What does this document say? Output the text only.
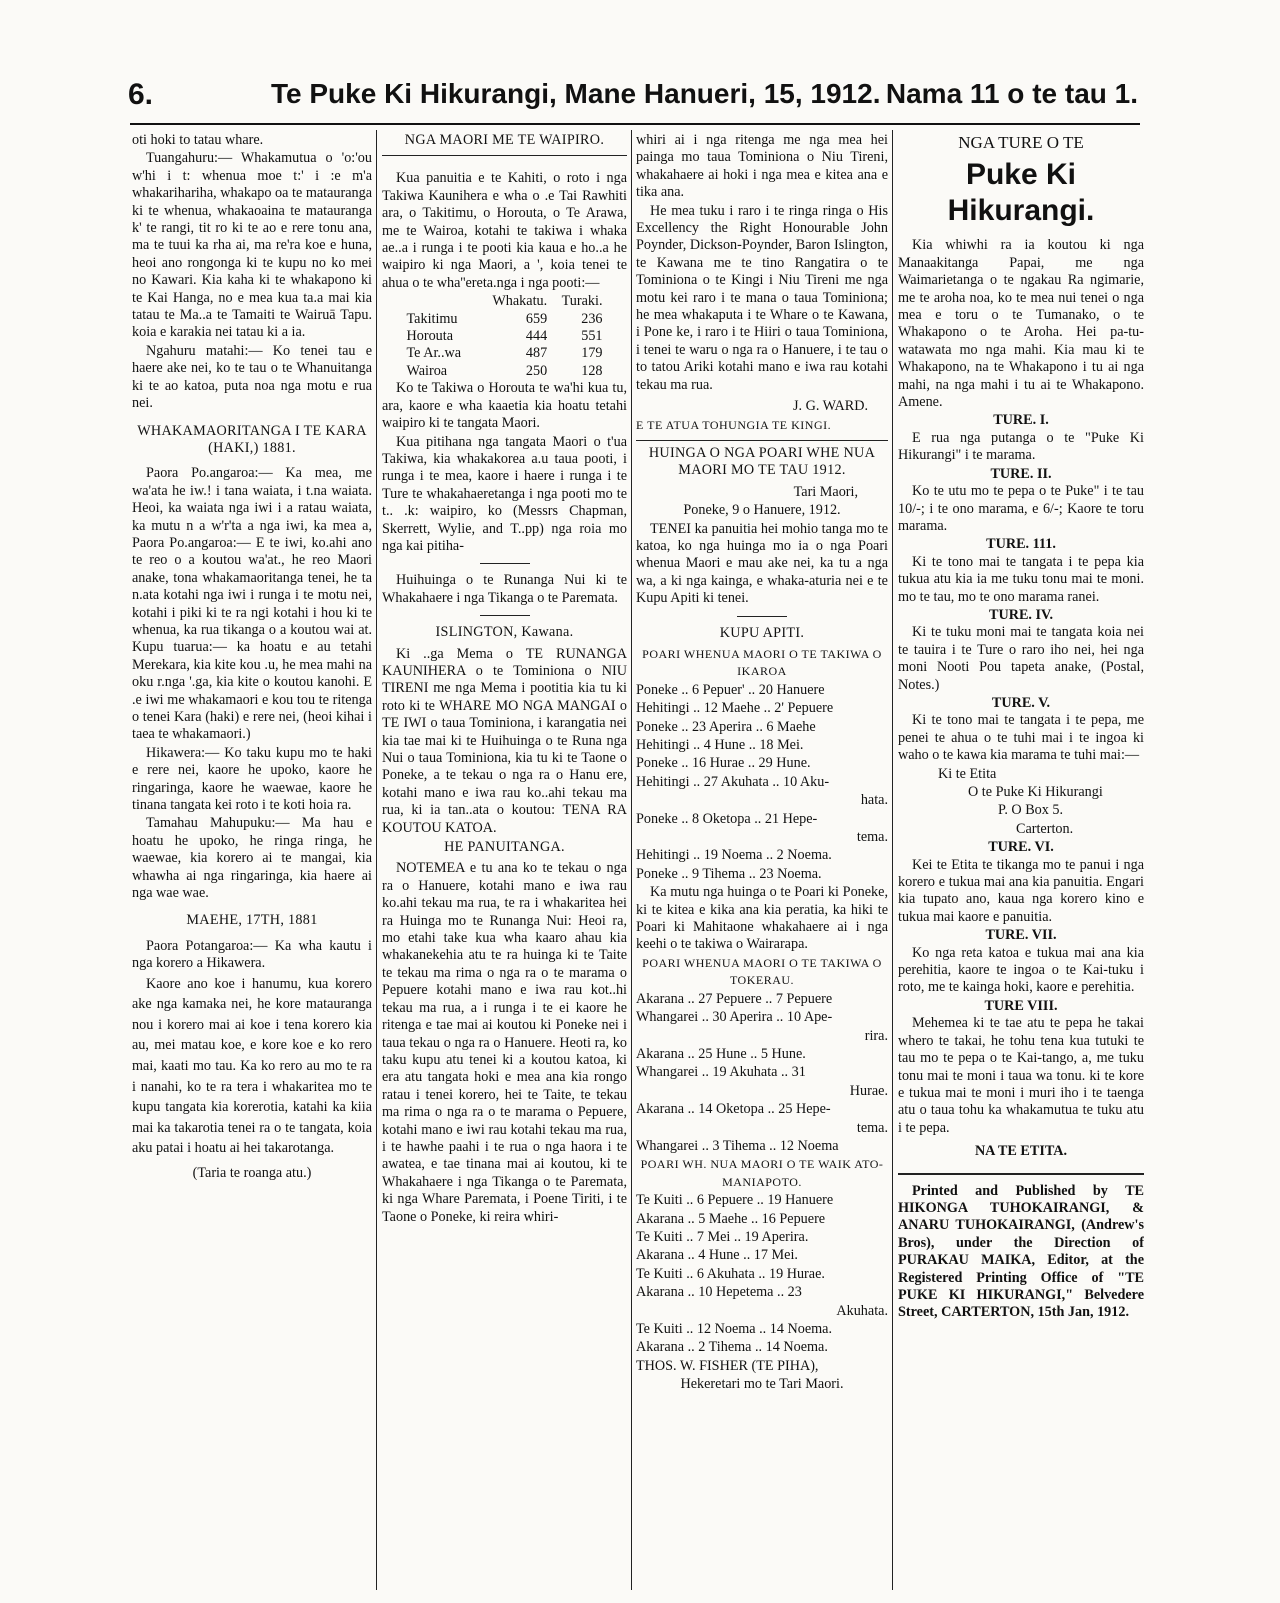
6.	Te Puke Ki Hikurangi, Mane Hanueri, 15, 1912. Nama 11 o te tau 1.

oti hoki to tatau whare.

Tuangahuru:— Whakamutua o 'o:'ou w'hi i t: whenua moe t:' i :e m'a whakarihariha, whakapo oa te matauranga ki te whenua, whakaoaina te matauranga k' te rangi, tit ro ki te ao e rere tonu ana, ma te tuui ka rha ai, ma re'ra koe e huna, heoi ano rongonga ki te kupu no ko mei no Kawari. Kia kaha ki te whakapono ki te Kai Hanga, no e mea kua ta.a mai kia tatau te Ma..a te Tamaiti te Wairuā Tapu. koia e karakia nei tatau ki a ia.

Ngahuru matahi:— Ko tenei tau e haere ake nei, ko te tau o te Whanuitanga ki te ao katoa, puta noa nga motu e rua nei.

WHAKAMAORITANGA I TE KARA (HAKI,) 1881.

Paora Po.angaroa:— Ka mea, me wa'ata he iw.! i tana waiata, i t.na waiata. Heoi, ka waiata nga iwi i a ratau waiata, ka mutu n a w'r'ta a nga iwi, ka mea a, Paora Po.angaroa:— E te iwi, ko.ahi ano te reo o a koutou wa'at., he reo Maori anake, tona whakamaoritanga tenei, he ta n.ata kotahi nga iwi i runga i te motu nei, kotahi i piki ki te ra ngi kotahi i hou ki te whenua, ka rua tikanga o a koutou wai at. Kupu tuarua:— ka hoatu e au tetahi Merekara, kia kite kou .u, he mea mahi na oku r.nga '.ga, kia kite o koutou kanohi. E .e iwi me whakamaori e kou tou te ritenga o tenei Kara (haki) e rere nei, (heoi kihai i taea te whakamaori.)

Hikawera:— Ko taku kupu mo te haki e rere nei, kaore he upoko, kaore he ringaringa, kaore he waewae, kaore he tinana tangata kei roto i te koti hoia ra.

Tamahau Mahupuku:— Ma hau e hoatu he upoko, he ringa ringa, he waewae, kia korero ai te mangai, kia whawha ai nga ringaringa, kia haere ai nga wae wae.

MAEHE, 17TH, 1881

Paora Potangaroa:— Ka wha kautu i nga korero a Hikawera.

Kaore ano koe i hanumu, kua korero ake nga kamaka nei, he kore matauranga nou i korero mai ai koe i tena korero kia au, mei matau koe, e kore koe e ko rero mai, kaati mo tau. Ka ko rero au mo te ra i nanahi, ko te ra tera i whakaritea mo te kupu tangata kia korerotia, katahi ka kiia mai ka takarotia tenei ra o te tangata, koia aku patai i hoatu ai hei takarotanga.

(Taria te roanga atu.)

NGA MAORI ME TE WAIPIRO.

Kua panuitia e te Kahiti, o roto i nga Takiwa Kaunihera e wha o .e Tai Rawhiti ara, o Takitimu, o Horouta, o Te Arawa, me te Wairoa, kotahi te takiwa i whaka ae..a i runga i te pooti kia kaua e ho..a he waipiro ki nga Maori, a ', koia tenei te ahua o te wha''ereta.nga i nga pooti:—

	Whakatu.	Turaki.
Takitimu	659	236
Horouta	444	551
Te Ar..wa	487	179
Wairoa	250	128

Ko te Takiwa o Horouta te wa'hi kua tu, ara, kaore e wha kaaetia kia hoatu tetahi waipiro ki te tangata Maori.

Kua pitihana nga tangata Maori o t'ua Takiwa, kia whakakorea a.u taua pooti, i runga i te mea, kaore i haere i runga i te Ture te whakahaeretanga i nga pooti mo te t.. .k: waipiro, ko (Messrs Chapman, Skerrett, Wylie, and T..pp) nga roia mo nga kai pitiha-

Huihuinga o te Runanga Nui ki te Whakahaere i nga Tikanga o te Paremata.

ISLINGTON, Kawana.

Ki ..ga Mema o TE RUNANGA KAUNIHERA o te Tominiona o NIU TIRENI me nga Mema i pootitia kia tu ki roto ki te WHARE MO NGA MANGAI o TE IWI o taua Tominiona, i karangatia nei kia tae mai ki te Huihuinga o te Runa nga Nui o taua Tominiona, kia tu ki te Taone o Poneke, a te tekau o nga ra o Hanu ere, kotahi mano e iwa rau ko..ahi tekau ma rua, ki ia tan..ata o koutou: TENA RA KOUTOU KATOA.

HE PANUITANGA.

NOTEMEA e tu ana ko te tekau o nga ra o Hanuere, kotahi mano e iwa rau ko.ahi tekau ma rua, te ra i whakaritea hei ra Huinga mo te Runanga Nui: Heoi ra, mo etahi take kua wha kaaro ahau kia whakanekehia atu te ra huinga ki te Taite te tekau ma rima o nga ra o te marama o Pepuere kotahi mano e iwa rau kot..hi tekau ma rua, a i runga i te ei kaore he ritenga e tae mai ai koutou ki Poneke nei i taua tekau o nga ra o Hanuere. Heoti ra, ko taku kupu atu tenei ki a koutou katoa, ki era atu tangata hoki e mea ana kia rongo ratau i tenei korero, hei te Taite, te tekau ma rima o nga ra o te marama o Pepuere, kotahi mano e iwi rau kotahi tekau ma rua, i te hawhe paahi i te rua o nga haora i te awatea, e tae tinana mai ai koutou, ki te Whakahaere i nga Tikanga o te Paremata, ki nga Whare Paremata, i Poene Tiriti, i te Taone o Poneke, ki reira whiri-

whiri ai i nga ritenga me nga mea hei painga mo taua Tominiona o Niu Tireni, whakahaere ai hoki i nga mea e kitea ana e tika ana.

He mea tuku i raro i te ringa ringa o His Excellency the Right Honourable John Poynder, Dickson-Poynder, Baron Islington, te Kawana me te tino Rangatira o te Tominiona o te Kingi i Niu Tireni me nga motu kei raro i te mana o taua Tominiona; he mea whakaputa i te Whare o te Kawana, i Pone ke, i raro i te Hiiri o taua Tominiona, i tenei te waru o nga ra o Hanuere, i te tau o to tatou Ariki kotahi mano e iwa rau kotahi tekau ma rua.

J. G. WARD.

E TE ATUA TOHUNGIA TE KINGI.

HUINGA O NGA POARI WHE NUA MAORI MO TE TAU 1912.

Tari Maori,

Poneke, 9 o Hanuere, 1912.

TENEI ka panuitia hei mohio tanga mo te katoa, ko nga huinga mo ia o nga Poari whenua Maori e mau ake nei, ka tu a nga wa, a ki nga kainga, e whaka-aturia nei e te Kupu Apiti ki tenei.

KUPU APITI.

POARI WHENUA MAORI O TE TAKIWA O IKAROA

Poneke .. 6 Pepuer' .. 20 Hanuere

Hehitingi .. 12 Maehe .. 2' Pepuere

Poneke .. 23 Aperira .. 6 Maehe

Hehitingi .. 4 Hune .. 18 Mei.

Poneke .. 16 Hurae .. 29 Hune.

Hehitingi .. 27 Akuhata .. 10 Aku-

hata.

Poneke .. 8 Oketopa .. 21 Hepe-

tema.

Hehitingi .. 19 Noema .. 2 Noema.

Poneke .. 9 Tihema .. 23 Noema.

Ka mutu nga huinga o te Poari ki Poneke, ki te kitea e kika ana kia peratia, ka hiki te Poari ki Mahitaone whakahaere ai i nga keehi o te takiwa o Wairarapa.

POARI WHENUA MAORI O TE TAKIWA O TOKERAU.

Akarana .. 27 Pepuere .. 7 Pepuere

Whangarei .. 30 Aperira .. 10 Ape-

rira.

Akarana .. 25 Hune .. 5 Hune.

Whangarei .. 19 Akuhata .. 31

Hurae.

Akarana .. 14 Oketopa .. 25 Hepe-

tema.

Whangarei .. 3 Tihema .. 12 Noema

POARI WH. NUA MAORI O TE WAIK ATO-MANIAPOTO.

Te Kuiti .. 6 Pepuere .. 19 Hanuere

Akarana .. 5 Maehe .. 16 Pepuere

Te Kuiti .. 7 Mei .. 19 Aperira.

Akarana .. 4 Hune .. 17 Mei.

Te Kuiti .. 6 Akuhata .. 19 Hurae.

Akarana .. 10 Hepetema .. 23

Akuhata.

Te Kuiti .. 12 Noema .. 14 Noema.

Akarana .. 2 Tihema .. 14 Noema.

THOS. W. FISHER (TE PIHA),

Hekeretari mo te Tari Maori.

NGA TURE O TE
Puke Ki Hikurangi.

Kia whiwhi ra ia koutou ki nga Manaakitanga Papai, me nga Waimarietanga o te ngakau Ra ngimarie, me te aroha noa, ko te mea nui tenei o nga mea e toru o te Tumanako, o te Whakapono o te Aroha. Hei pa-tu-watawata mo nga mahi. Kia mau ki te Whakapono, na te Whakapono i tu ai nga mahi, na nga mahi i tu ai te Whakapono. Amene.

TURE. I.

E rua nga putanga o te "Puke Ki Hikurangi" i te marama.

TURE. II.

Ko te utu mo te pepa o te Puke" i te tau 10/-; i te ono marama, e 6/-; Kaore te toru marama.

TURE. 111.

Ki te tono mai te tangata i te pepa kia tukua atu kia ia me tuku tonu mai te moni. mo te tau, mo te ono marama ranei.

TURE. IV.

Ki te tuku moni mai te tangata koia nei te tauira i te Ture o raro iho nei, hei nga moni Nooti Pou tapeta anake, (Postal, Notes.)

TURE. V.

Ki te tono mai te tangata i te pepa, me penei te ahua o te tuhi mai i te ingoa ki waho o te kawa kia marama te tuhi mai:—

Ki te Etita

O te Puke Ki Hikurangi

P. O Box 5.

Carterton.

TURE. VI.

Kei te Etita te tikanga mo te panui i nga korero e tukua mai ana kia panuitia. Engari kia tupato ano, kaua nga korero kino e tukua mai kaore e panuitia.

TURE. VII.

Ko nga reta katoa e tukua mai ana kia perehitia, kaore te ingoa o te Kai-tuku i roto, me te kainga hoki, kaore e perehitia.

TURE VIII.

Mehemea ki te tae atu te pepa he takai whero te takai, he tohu tena kua tutuki te tau mo te pepa o te Kai-tango, a, me tuku tonu mai te moni i taua wa tonu. ki te kore e tukua mai te moni i muri iho i te taenga atu o taua tohu ka whakamutua te tuku atu i te pepa.

NA TE ETITA.

Printed and Published by TE HIKONGA TUHOKAIRANGI, & ANARU TUHOKAIRANGI, (Andrew's Bros), under the Direction of PURAKAU MAIKA, Editor, at the Registered Printing Office of "TE PUKE KI HIKURANGI," Belvedere Street, CARTERTON, 15th Jan, 1912.
